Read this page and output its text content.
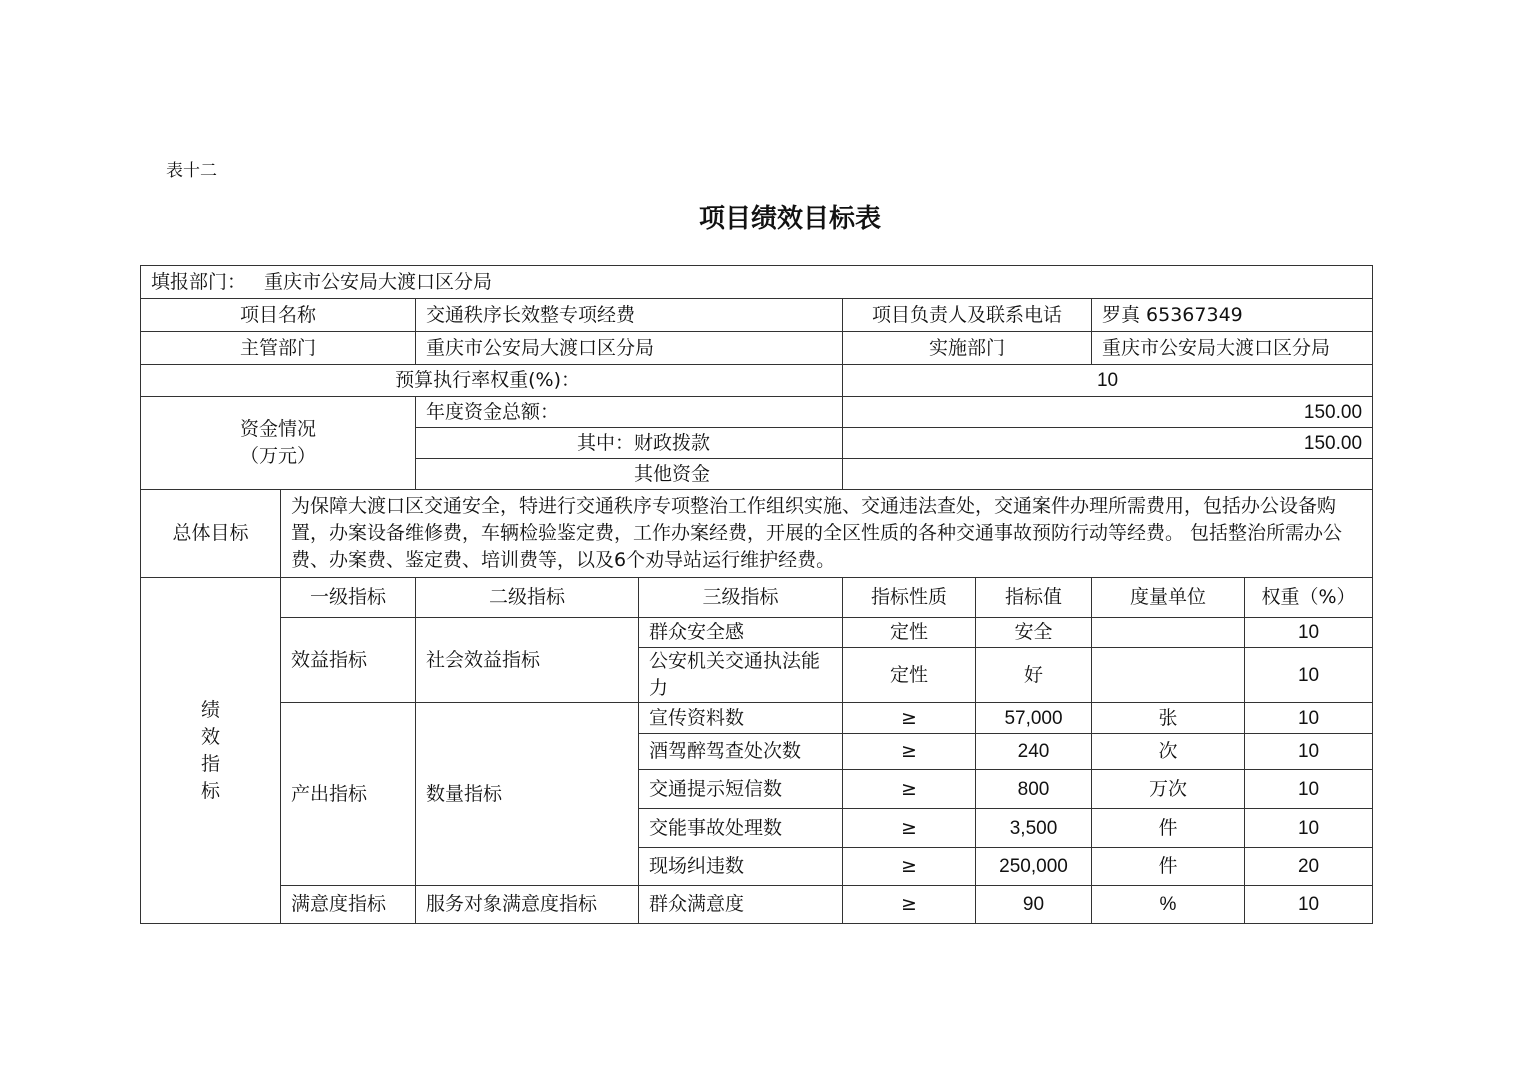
表十二
项目绩效目标表
填报部门： 重庆市公安局大渡口区分局							
项目名称		交通秩序长效整专项经费		项目负责人及联系电话		罗真 65367349	
主管部门		重庆市公安局大渡口区分局		实施部门		重庆市公安局大渡口区分局	
预算执行率权重(%)：				10			

资金情况
（万元）		年度资金总额：		150.00			
		其中：财政拨款		150.00			
		其他资金					
总体目标	为保障大渡口区交通安全，特进行交通秩序专项整治工作组织实施、交通违法查处，交通案件办理所需费用，包括办公设备购置，办案设备维修费，车辆检验鉴定费，工作办案经费，开展的全区性质的各种交通事故预防行动等经费。 包括整治所需办公费、办案费、鉴定费、培训费等，以及6个劝导站运行维护经费。						

绩效指标	一级指标	二级指标	三级指标	指标性质	指标值	度量单位	权重（%）
	效益指标	社会效益指标	群众安全感	定性	安全		10
			公安机关交通执法能力	定性	好		10
	产出指标	数量指标	宣传资料数	≥	57,000	张	10
			酒驾醉驾查处次数	≥	240	次	10
			交通提示短信数	≥	800	万次	10
			交能事故处理数	≥	3,500	件	10
			现场纠违数	≥	250,000	件	20
	满意度指标	服务对象满意度指标	群众满意度	≥	90	%	10
